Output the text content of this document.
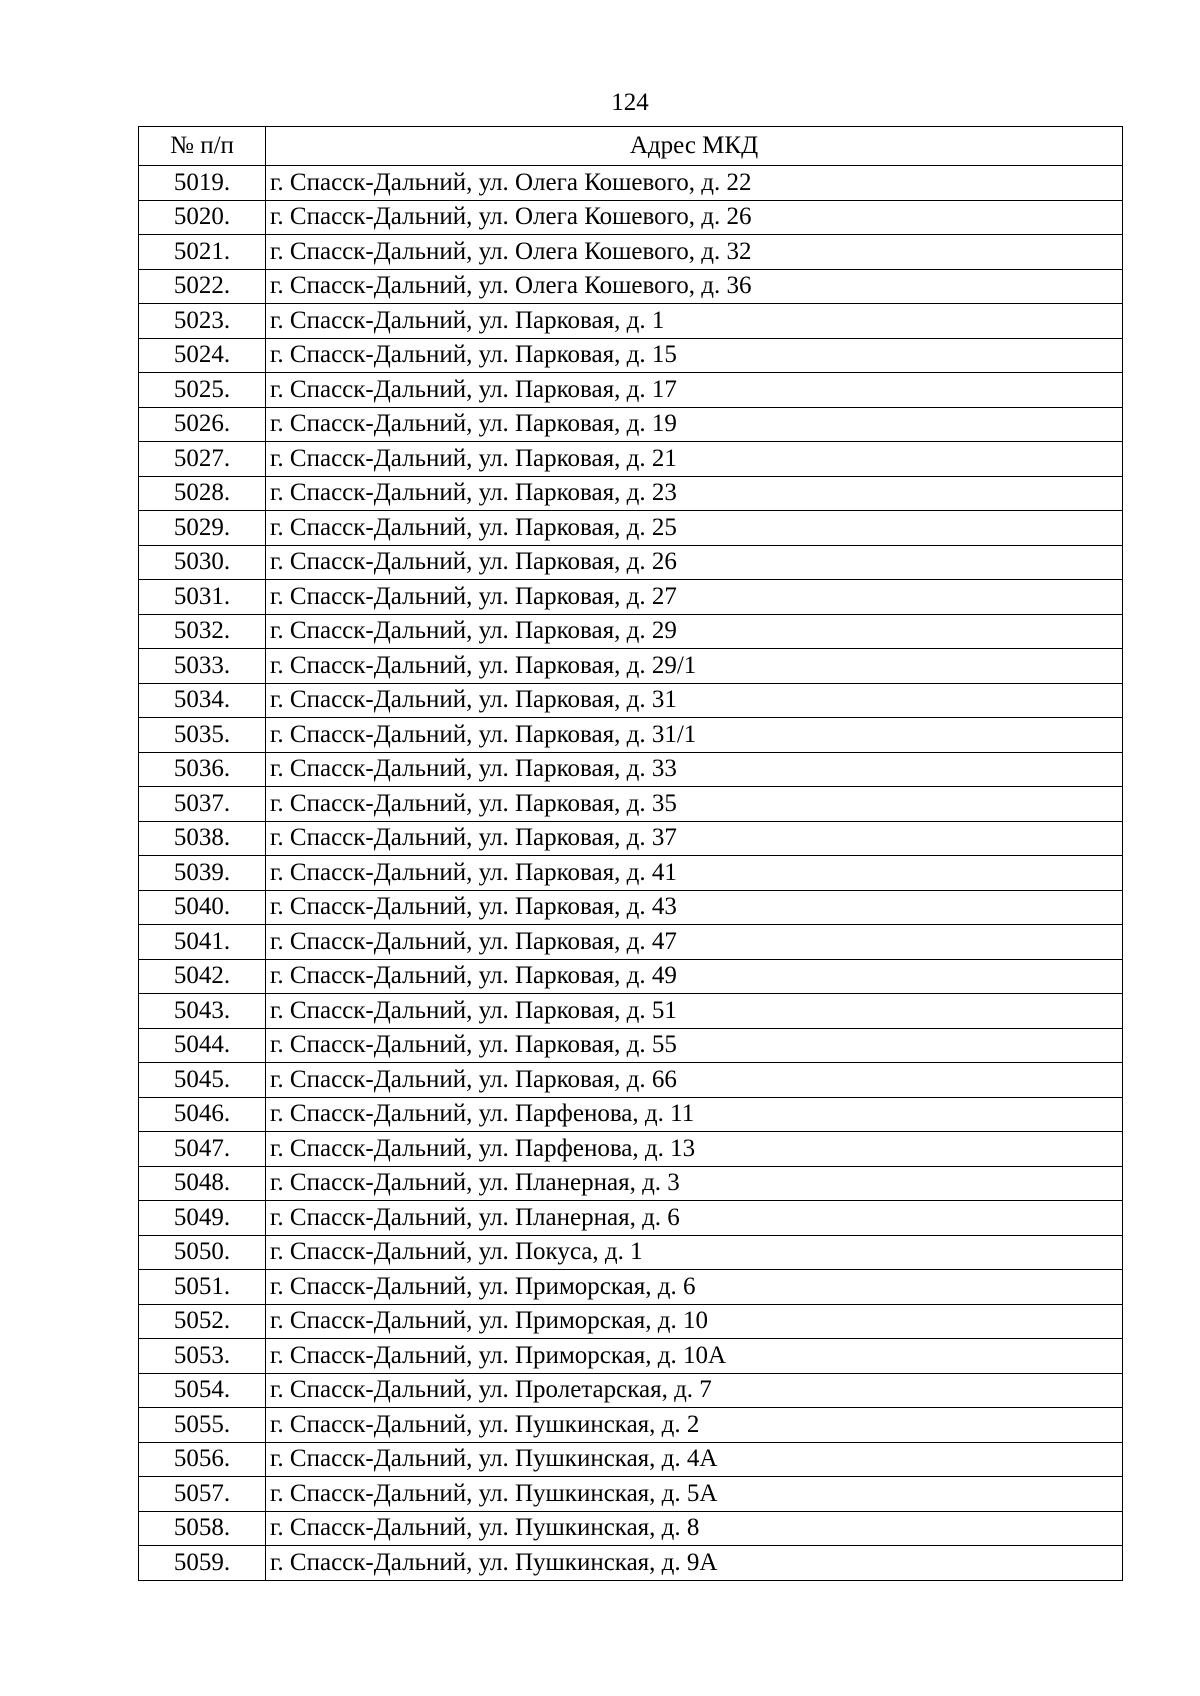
124
№ п/п	Адрес МКД
5019.	г. Спасск-Дальний, ул. Олега Кошевого, д. 22
5020.	г. Спасск-Дальний, ул. Олега Кошевого, д. 26
5021.	г. Спасск-Дальний, ул. Олега Кошевого, д. 32
5022.	г. Спасск-Дальний, ул. Олега Кошевого, д. 36
5023.	г. Спасск-Дальний, ул. Парковая, д. 1
5024.	г. Спасск-Дальний, ул. Парковая, д. 15
5025.	г. Спасск-Дальний, ул. Парковая, д. 17
5026.	г. Спасск-Дальний, ул. Парковая, д. 19
5027.	г. Спасск-Дальний, ул. Парковая, д. 21
5028.	г. Спасск-Дальний, ул. Парковая, д. 23
5029.	г. Спасск-Дальний, ул. Парковая, д. 25
5030.	г. Спасск-Дальний, ул. Парковая, д. 26
5031.	г. Спасск-Дальний, ул. Парковая, д. 27
5032.	г. Спасск-Дальний, ул. Парковая, д. 29
5033.	г. Спасск-Дальний, ул. Парковая, д. 29/1
5034.	г. Спасск-Дальний, ул. Парковая, д. 31
5035.	г. Спасск-Дальний, ул. Парковая, д. 31/1
5036.	г. Спасск-Дальний, ул. Парковая, д. 33
5037.	г. Спасск-Дальний, ул. Парковая, д. 35
5038.	г. Спасск-Дальний, ул. Парковая, д. 37
5039.	г. Спасск-Дальний, ул. Парковая, д. 41
5040.	г. Спасск-Дальний, ул. Парковая, д. 43
5041.	г. Спасск-Дальний, ул. Парковая, д. 47
5042.	г. Спасск-Дальний, ул. Парковая, д. 49
5043.	г. Спасск-Дальний, ул. Парковая, д. 51
5044.	г. Спасск-Дальний, ул. Парковая, д. 55
5045.	г. Спасск-Дальний, ул. Парковая, д. 66
5046.	г. Спасск-Дальний, ул. Парфенова, д. 11
5047.	г. Спасск-Дальний, ул. Парфенова, д. 13
5048.	г. Спасск-Дальний, ул. Планерная, д. 3
5049.	г. Спасск-Дальний, ул. Планерная, д. 6
5050.	г. Спасск-Дальний, ул. Покуса, д. 1
5051.	г. Спасск-Дальний, ул. Приморская, д. 6
5052.	г. Спасск-Дальний, ул. Приморская, д. 10
5053.	г. Спасск-Дальний, ул. Приморская, д. 10А
5054.	г. Спасск-Дальний, ул. Пролетарская, д. 7
5055.	г. Спасск-Дальний, ул. Пушкинская, д. 2
5056.	г. Спасск-Дальний, ул. Пушкинская, д. 4А
5057.	г. Спасск-Дальний, ул. Пушкинская, д. 5А
5058.	г. Спасск-Дальний, ул. Пушкинская, д. 8
5059.	г. Спасск-Дальний, ул. Пушкинская, д. 9А
